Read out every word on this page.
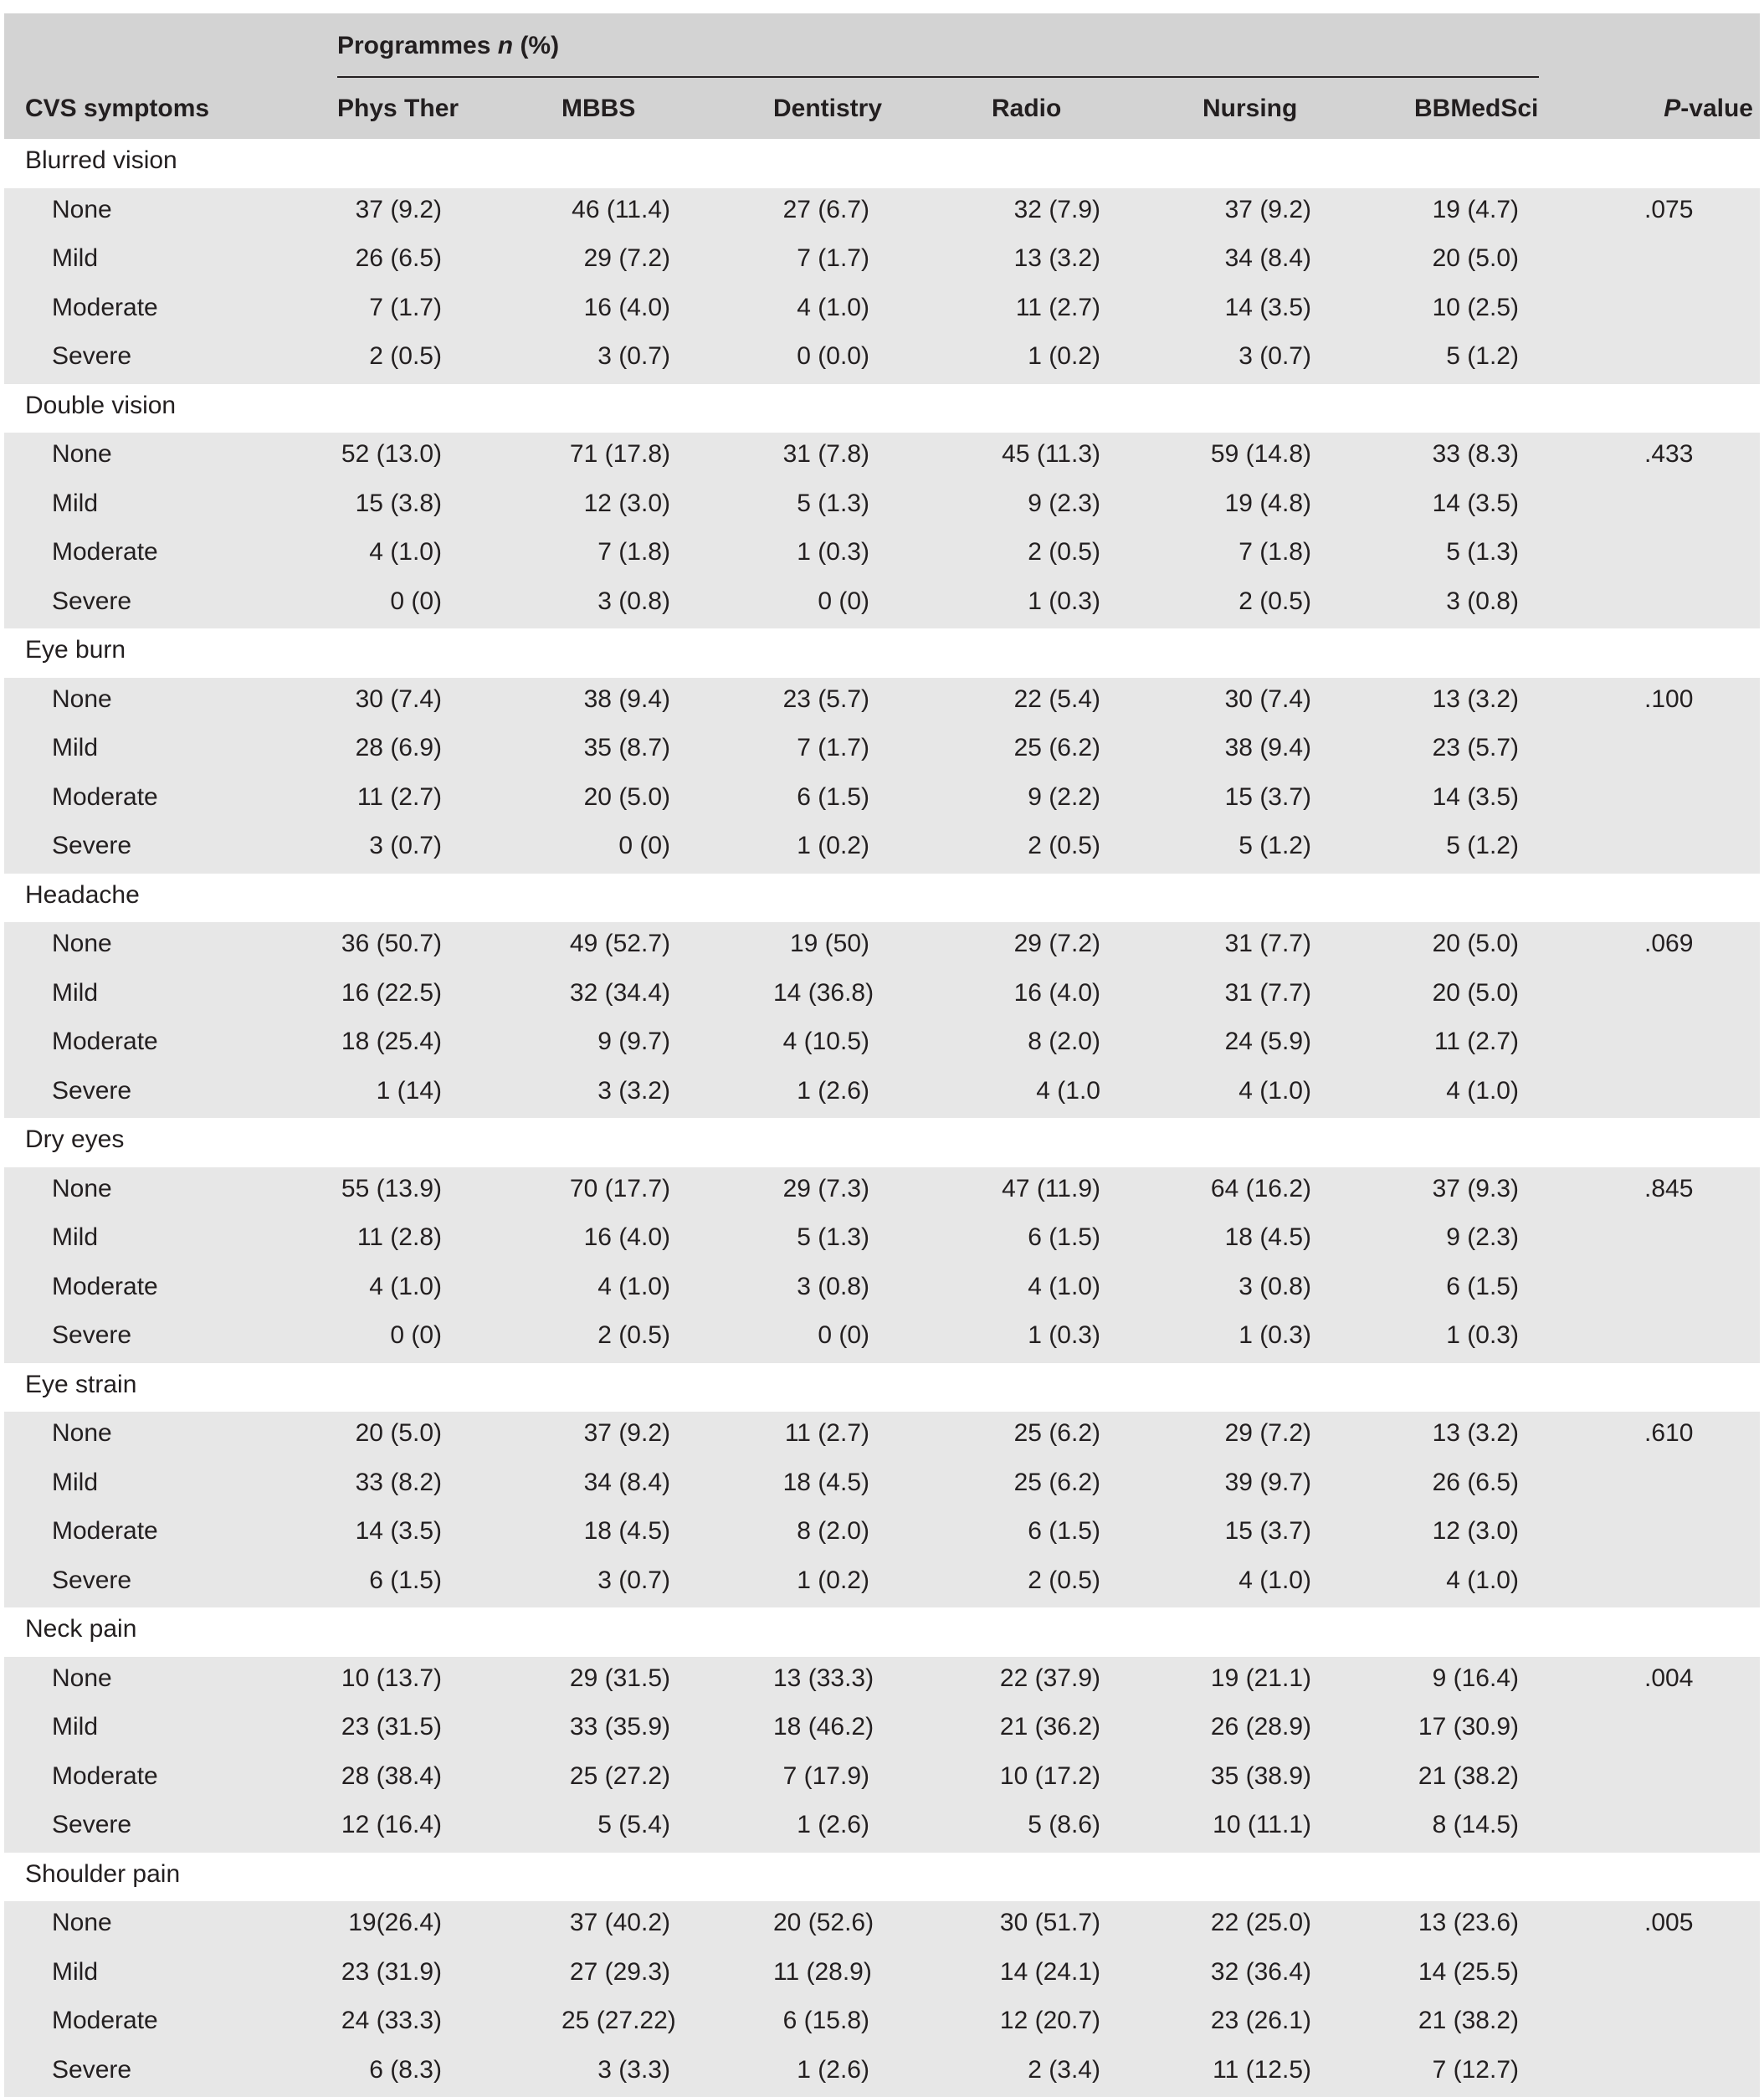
Programmes n (%)
CVS symptoms	Phys Ther	MBBS	Dentistry	Radio	Nursing	BBMedSci	P-value
Blurred vision
None	37 (9.2)	46 (11.4)	27 (6.7)	32 (7.9)	37 (9.2)	19 (4.7)	.075
Mild	26 (6.5)	29 (7.2)	7 (1.7)	13 (3.2)	34 (8.4)	20 (5.0)
Moderate	7 (1.7)	16 (4.0)	4 (1.0)	11 (2.7)	14 (3.5)	10 (2.5)
Severe	2 (0.5)	3 (0.7)	0 (0.0)	1 (0.2)	3 (0.7)	5 (1.2)
Double vision
None	52 (13.0)	71 (17.8)	31 (7.8)	45 (11.3)	59 (14.8)	33 (8.3)	.433
Mild	15 (3.8)	12 (3.0)	5 (1.3)	9 (2.3)	19 (4.8)	14 (3.5)
Moderate	4 (1.0)	7 (1.8)	1 (0.3)	2 (0.5)	7 (1.8)	5 (1.3)
Severe	0 (0)	3 (0.8)	0 (0)	1 (0.3)	2 (0.5)	3 (0.8)
Eye burn
None	30 (7.4)	38 (9.4)	23 (5.7)	22 (5.4)	30 (7.4)	13 (3.2)	.100
Mild	28 (6.9)	35 (8.7)	7 (1.7)	25 (6.2)	38 (9.4)	23 (5.7)
Moderate	11 (2.7)	20 (5.0)	6 (1.5)	9 (2.2)	15 (3.7)	14 (3.5)
Severe	3 (0.7)	0 (0)	1 (0.2)	2 (0.5)	5 (1.2)	5 (1.2)
Headache
None	36 (50.7)	49 (52.7)	19 (50)	29 (7.2)	31 (7.7)	20 (5.0)	.069
Mild	16 (22.5)	32 (34.4)	14 (36.8)	16 (4.0)	31 (7.7)	20 (5.0)
Moderate	18 (25.4)	9 (9.7)	4 (10.5)	8 (2.0)	24 (5.9)	11 (2.7)
Severe	1 (14)	3 (3.2)	1 (2.6)	4 (1.0	4 (1.0)	4 (1.0)
Dry eyes
None	55 (13.9)	70 (17.7)	29 (7.3)	47 (11.9)	64 (16.2)	37 (9.3)	.845
Mild	11 (2.8)	16 (4.0)	5 (1.3)	6 (1.5)	18 (4.5)	9 (2.3)
Moderate	4 (1.0)	4 (1.0)	3 (0.8)	4 (1.0)	3 (0.8)	6 (1.5)
Severe	0 (0)	2 (0.5)	0 (0)	1 (0.3)	1 (0.3)	1 (0.3)
Eye strain
None	20 (5.0)	37 (9.2)	11 (2.7)	25 (6.2)	29 (7.2)	13 (3.2)	.610
Mild	33 (8.2)	34 (8.4)	18 (4.5)	25 (6.2)	39 (9.7)	26 (6.5)
Moderate	14 (3.5)	18 (4.5)	8 (2.0)	6 (1.5)	15 (3.7)	12 (3.0)
Severe	6 (1.5)	3 (0.7)	1 (0.2)	2 (0.5)	4 (1.0)	4 (1.0)
Neck pain
None	10 (13.7)	29 (31.5)	13 (33.3)	22 (37.9)	19 (21.1)	9 (16.4)	.004
Mild	23 (31.5)	33 (35.9)	18 (46.2)	21 (36.2)	26 (28.9)	17 (30.9)
Moderate	28 (38.4)	25 (27.2)	7 (17.9)	10 (17.2)	35 (38.9)	21 (38.2)
Severe	12 (16.4)	5 (5.4)	1 (2.6)	5 (8.6)	10 (11.1)	8 (14.5)
Shoulder pain
None	19(26.4)	37 (40.2)	20 (52.6)	30 (51.7)	22 (25.0)	13 (23.6)	.005
Mild	23 (31.9)	27 (29.3)	11 (28.9)	14 (24.1)	32 (36.4)	14 (25.5)
Moderate	24 (33.3)	25 (27.22)	6 (15.8)	12 (20.7)	23 (26.1)	21 (38.2)
Severe	6 (8.3)	3 (3.3)	1 (2.6)	2 (3.4)	11 (12.5)	7 (12.7)
